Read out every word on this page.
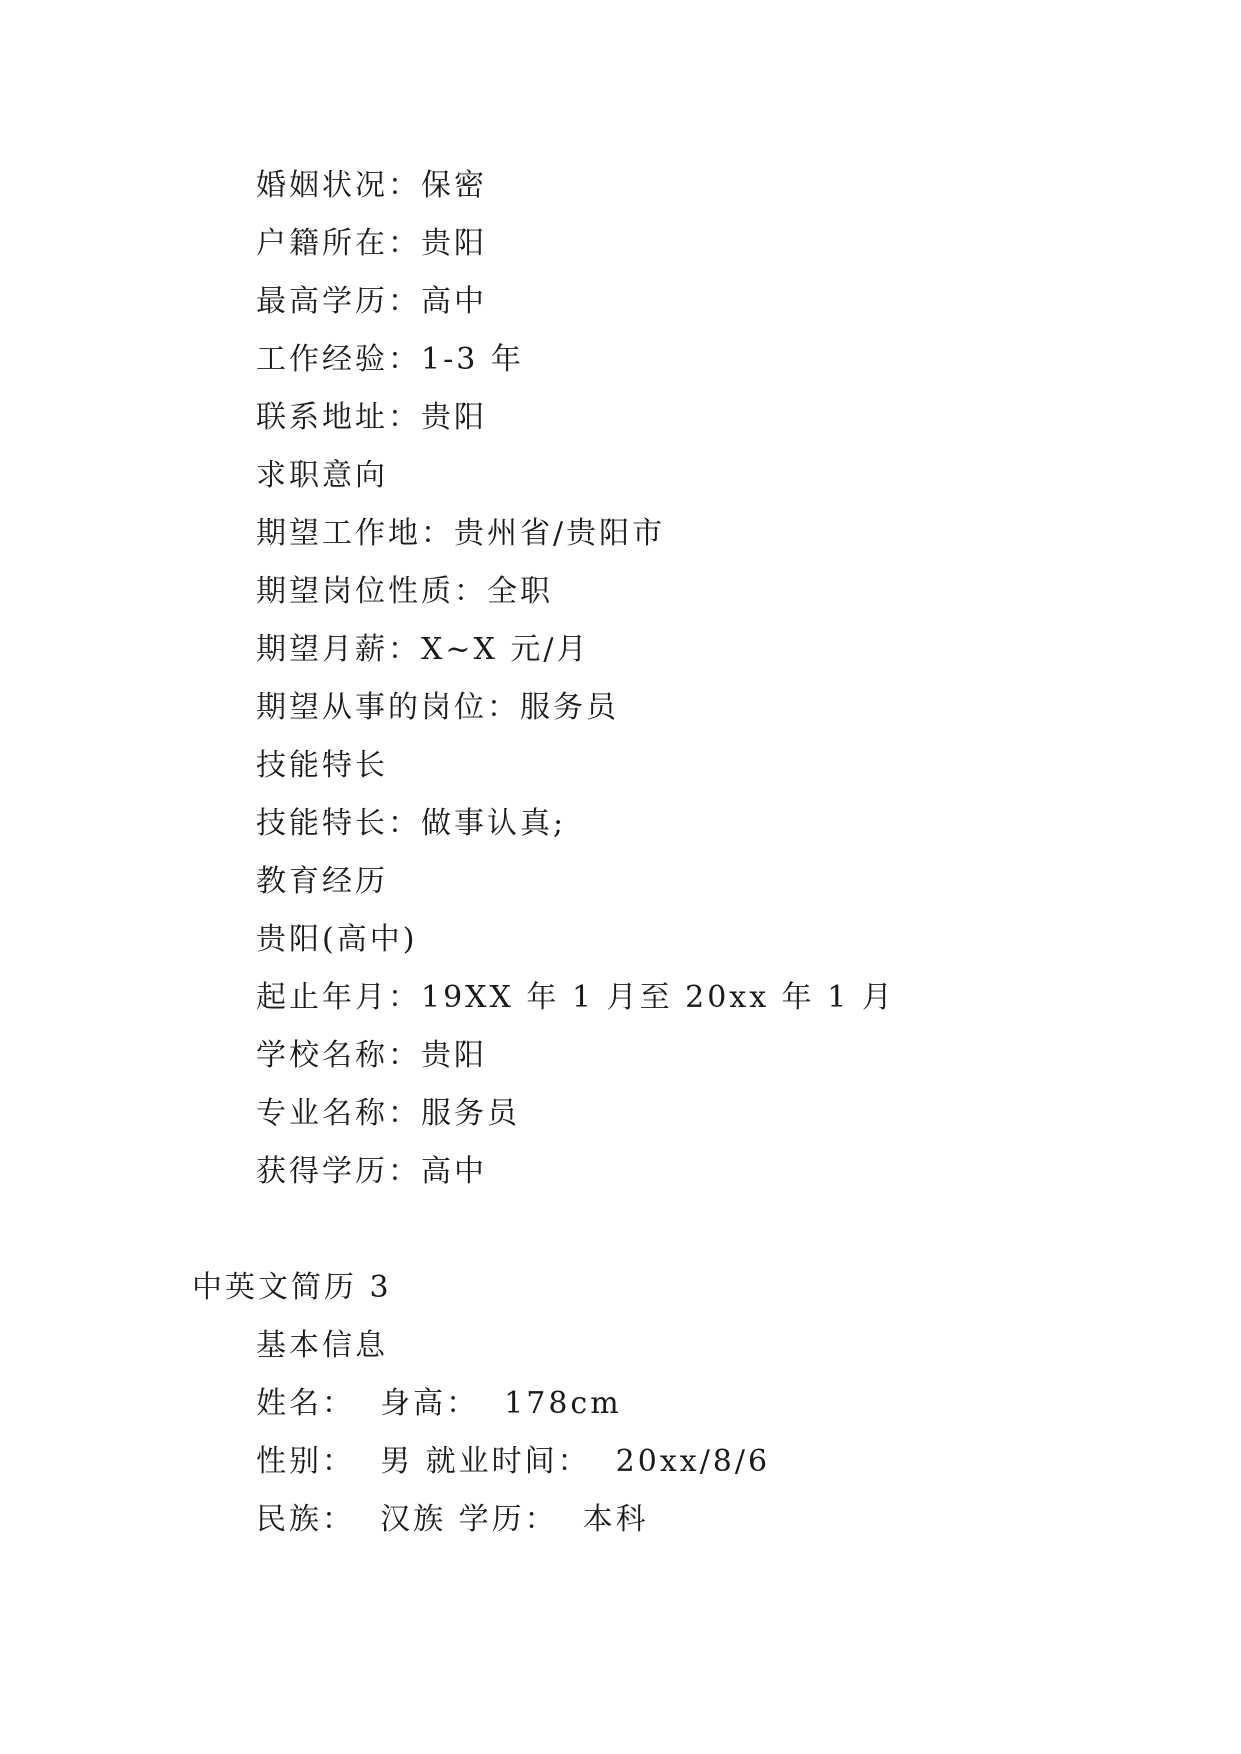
婚姻状况：保密
户籍所在：贵阳
最高学历：高中
工作经验：1-3 年
联系地址：贵阳
求职意向
期望工作地：贵州省/贵阳市
期望岗位性质：全职
期望月薪：X~X 元/月
期望从事的岗位：服务员
技能特长
技能特长：做事认真;
教育经历
贵阳(高中)
起止年月：19XX 年 1 月至 20xx 年 1 月
学校名称：贵阳
专业名称：服务员
获得学历：高中
中英文简历 3
基本信息
姓名：  身高：  178cm
性别：  男 就业时间：  20xx/8/6
民族：  汉族 学历：  本科
